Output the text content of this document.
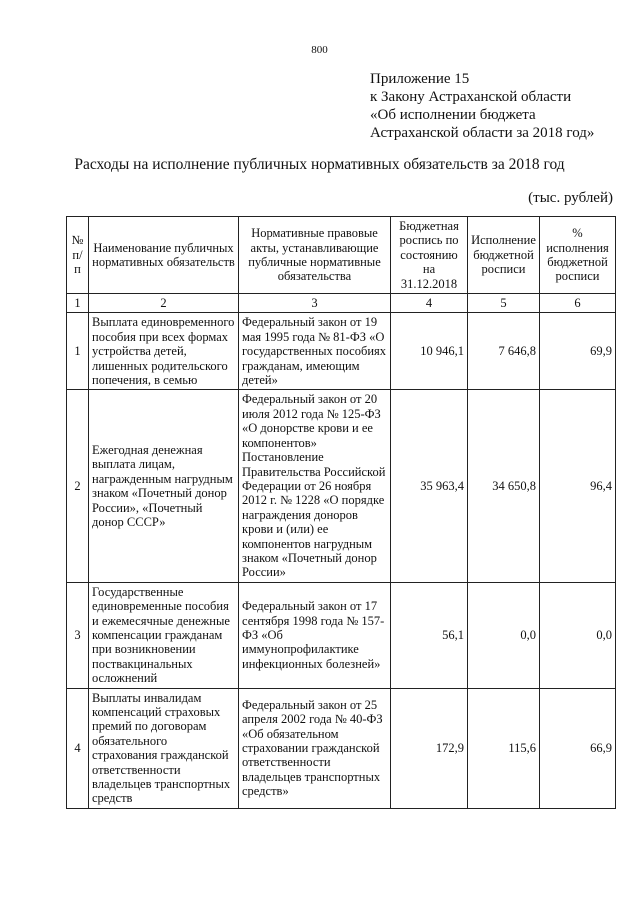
800
Приложение 15
к Закону Астраханской области
«Об исполнении бюджета
Астраханской области за 2018 год»
Расходы на исполнение публичных нормативных обязательств за 2018 год
(тыс. рублей)
№ п/п	Наименование публичных нормативных обязательств	Нормативные правовые акты, устанавливающие публичные нормативные обязательства	Бюджетная роспись по состоянию на 31.12.2018	Исполнение бюджетной росписи	% исполнения бюджетной росписи
1	2	3	4	5	6
1	Выплата единовременного пособия при всех формах устройства детей, лишенных родительского попечения, в семью	Федеральный закон от 19 мая 1995 года № 81-ФЗ «О государственных пособиях гражданам, имеющим детей»	10 946,1	7 646,8	69,9
2	Ежегодная денежная выплата лицам, награжденным нагрудным знаком «Почетный донор России», «Почетный донор СССР»	Федеральный закон от 20 июля 2012 года № 125-ФЗ «О донорстве крови и ее компонентов» Постановление Правительства Российской Федерации от 26 ноября 2012 г. № 1228 «О порядке награждения доноров крови и (или) ее компонентов нагрудным знаком «Почетный донор России»	35 963,4	34 650,8	96,4
3	Государственные единовременные пособия и ежемесячные денежные компенсации гражданам при возникновении поствакцинальных осложнений	Федеральный закон от 17 сентября 1998 года № 157-ФЗ «Об иммунопрофилактике инфекционных болезней»	56,1	0,0	0,0
4	Выплаты инвалидам компенсаций страховых премий по договорам обязательного страхования гражданской ответственности владельцев транспортных средств	Федеральный закон от 25 апреля 2002 года № 40-ФЗ «Об обязательном страховании гражданской ответственности владельцев транспортных средств»	172,9	115,6	66,9
